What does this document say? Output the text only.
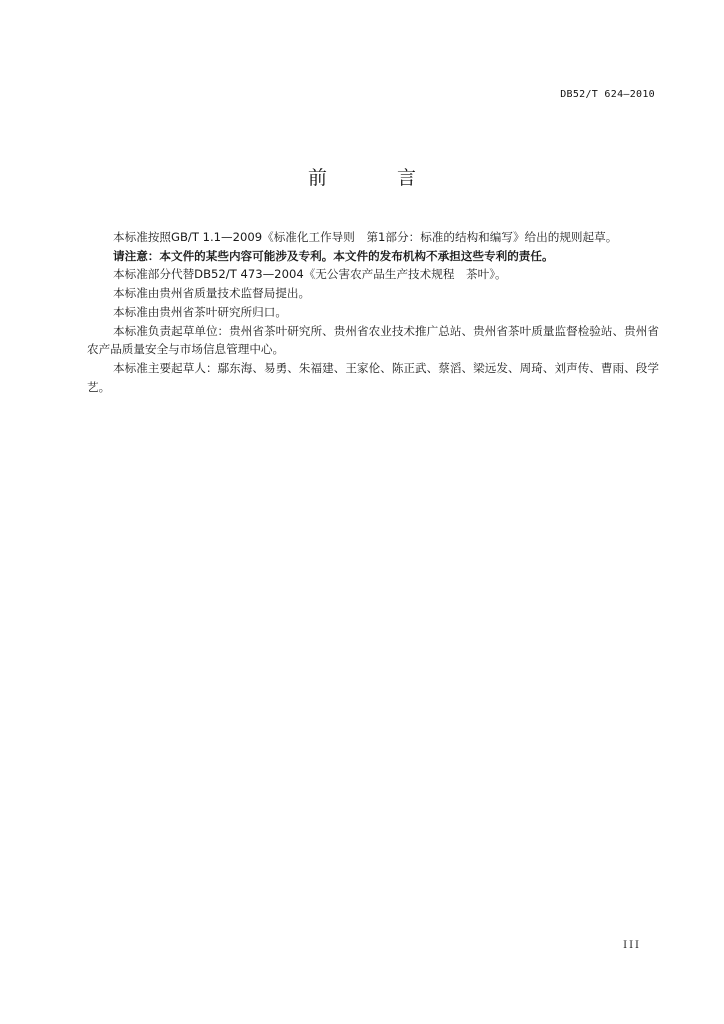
DB52/T 624—2010
前 言

本标准按照GB/T 1.1—2009《标准化工作导则　第1部分：标准的结构和编写》给出的规则起草。

请注意：本文件的某些内容可能涉及专利。本文件的发布机构不承担这些专利的责任。

本标准部分代替DB52/T 473—2004《无公害农产品生产技术规程　茶叶》。

本标准由贵州省质量技术监督局提出。

本标准由贵州省茶叶研究所归口。

本标准负责起草单位：贵州省茶叶研究所、贵州省农业技术推广总站、贵州省茶叶质量监督检验站、贵州省农产品质量安全与市场信息管理中心。

本标准主要起草人：鄢东海、易勇、朱福建、王家伦、陈正武、蔡滔、梁远发、周琦、刘声传、曹雨、段学艺。

III
